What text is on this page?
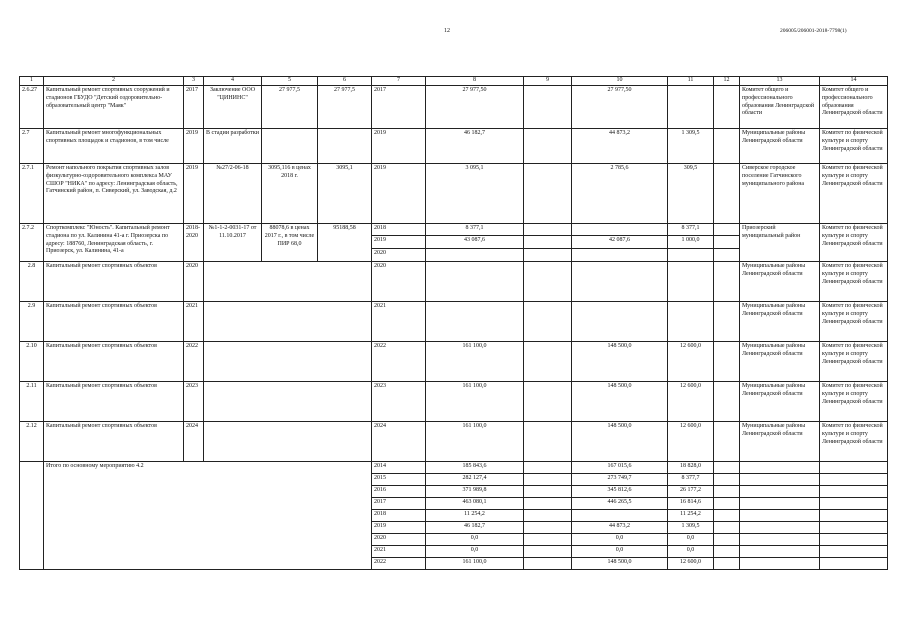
12	206005/206001-2018-7798(1)
1	2	3	4	5	6	7	8	9	10	11	12	13	14
2.6.27	Капитальный ремонт спортивных сооружений и стадионов ГБУДО "Детский оздоровительно-образовательный центр "Маяк"	2017	Заключение ООО "ЦИНИНС"	27 977,5	27 977,5	2017	27 977,50		27 977,50			Комитет общего и профессионального образования Ленинградской области	Комитет общего и профессионального образования Ленинградской области
2.7	Капитальный ремонт многофункциональных спортивных площадок и стадионов, в том числе	2019	В стадии разработки			2019	46 182,7		44 873,2	1 309,5		Муниципальные районы Ленинградской области	Комитет по физической культуре и спорту Ленинградской области
2.7.1	Ремонт напольного покрытия спортивных залов физкультурно-оздоровительного комплекса МАУ СШОР "НИКА" по адресу: Ленинградская область, Гатчинский район, п. Сиверский, ул. Заводская, д.2	2019	№27/2-06-18	3095,116 в ценах 2018 г.	3095,1	2019	3 095,1		2 785,6	309,5		Сиверское городское поселение Гатчинского муниципального района	Комитет по физической культуре и спорту Ленинградской области
2.7.2	Спорткомплекс "Юность". Капитальный ремонт стадиона по ул. Калинина 41-а г. Приозерска по адресу: 188760, Ленинградская область, г. Приозерск, ул. Калинина, 41-а	2018-2020	№1-1-2-0031-17 от 11.10.2017	88078,6 в ценах 2017 г., в том числе ПИР 68,0	95188,58	2018	8 377,1			8 377,1		Приозерский муниципальный район	Комитет по физической культуре и спорту Ленинградской области
						2019	43 087,6		42 087,6	1 000,0			
						2020							
2.8	Капитальный ремонт спортивных объектов	2020				2020						Муниципальные районы Ленинградской области	Комитет по физической культуре и спорту Ленинградской области
2.9	Капитальный ремонт спортивных объектов	2021				2021						Муниципальные районы Ленинградской области	Комитет по физической культуре и спорту Ленинградской области
2.10	Капитальный ремонт спортивных объектов	2022				2022	161 100,0		148 500,0	12 600,0		Муниципальные районы Ленинградской области	Комитет по физической культуре и спорту Ленинградской области
2.11	Капитальный ремонт спортивных объектов	2023				2023	161 100,0		148 500,0	12 600,0		Муниципальные районы Ленинградской области	Комитет по физической культуре и спорту Ленинградской области
2.12	Капитальный ремонт спортивных объектов	2024				2024	161 100,0		148 500,0	12 600,0		Муниципальные районы Ленинградской области	Комитет по физической культуре и спорту Ленинградской области
	Итого по основному мероприятию 4.2					2014	185 843,6		167 015,6	18 828,0			
						2015	282 127,4		273 749,7	8 377,7			
						2016	371 989,8		345 812,6	26 177,2			
						2017	463 080,1		446 265,5	16 814,6			
						2018	11 254,2			11 254,2			
						2019	46 182,7		44 873,2	1 309,5			
						2020	0,0		0,0	0,0			
						2021	0,0		0,0	0,0			
						2022	161 100,0		148 500,0	12 600,0			
